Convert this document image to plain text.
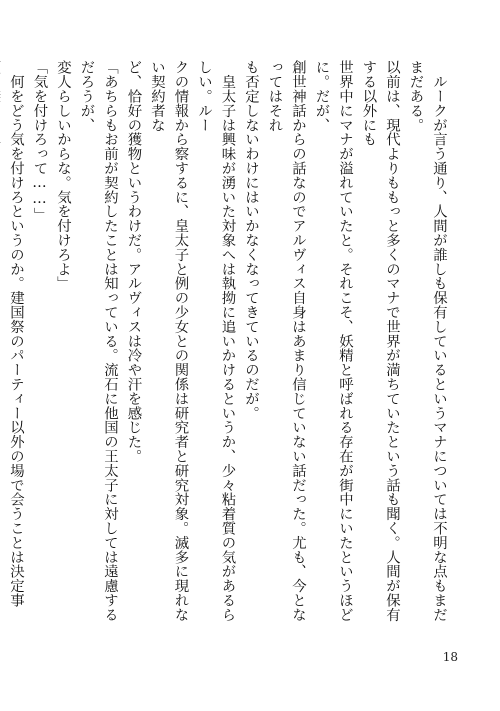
　ルークが言う通り、人間が誰しも保有しているというマナについては不明な点もまだまだある。

以前は、現代よりももっと多くのマナで世界が満ちていたという話も聞く。人間が保有する以外にも

世界中にマナが溢れていたと。それこそ、妖精と呼ばれる存在が街中にいたというほどに。だが、

創世神話からの話なのでアルヴィス自身はあまり信じていない話だった。尤も、今となってはそれ

も否定しないわけにはいかなくなってきているのだが。

　皇太子は興味が湧いた対象へは執拗に追いかけるというか、少々粘着質の気があるらしい。ルー

クの情報から察するに、皇太子と例の少女との関係は研究者と研究対象。滅多に現れない契約者な

ど、恰好の獲物というわけだ。アルヴィスは冷や汗を感じた。

「あちらもお前が契約したことは知っている。流石に他国の王太子に対しては遠慮するだろうが、

変人らしいからな。気を付けろよ」

「気を付けろって……」

　何をどう気を付けろというのか。建国祭のパーティー以外の場で会うことは決定事

18
